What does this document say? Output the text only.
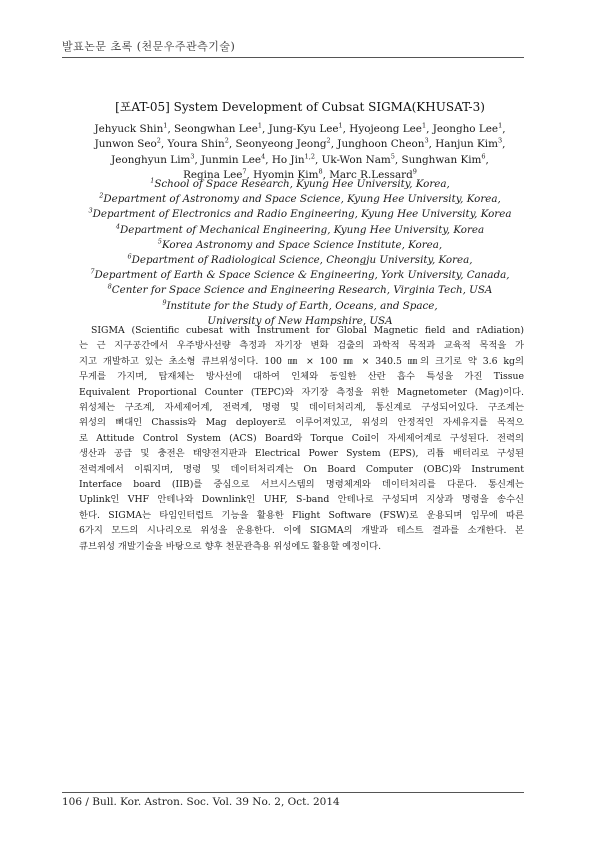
발표논문 초록 (천문우주관측기술)
[포AT-05] System Development of Cubsat SIGMA(KHUSAT-3)
Jehyuck Shin$^1$, Seongwhan Lee$^1$, Jung-Kyu Lee$^1$, Hyojeong Lee$^1$, Jeongho Lee$^1$,
Junwon Seo$^2$, Youra Shin$^2$, Seonyeong Jeong$^2$, Junghoon Cheon$^3$, Hanjun Kim$^3$,
Jeonghyun Lim$^3$, Junmin Lee$^4$, Ho Jin$^{1,2}$, Uk-Won Nam$^5$, Sunghwan Kim$^6$,
Regina Lee$^7$, Hyomin Kim$^8$, Marc R.Lessard$^9$
$^1$School of Space Research, Kyung Hee University, Korea,
$^2$Department of Astronomy and Space Science, Kyung Hee University, Korea,
$^3$Department of Electronics and Radio Engineering, Kyung Hee University, Korea
$^4$Department of Mechanical Engineering, Kyung Hee University, Korea
$^5$Korea Astronomy and Space Science Institute, Korea,
$^6$Department of Radiological Science, Cheongju University, Korea,
$^7$Department of Earth & Space Science & Engineering, York University, Canada,
$^8$Center for Space Science and Engineering Research, Virginia Tech, USA
$^9$Institute for the Study of Earth, Oceans, and Space,
University of New Hampshire, USA
SIGMA (Scientific cubesat with Instrument for Global Magnetic field and rAdiation)
는 근 지구공간에서 우주방사선량 측정과 자기장 변화 검출의 과학적 목적과 교육적 목적을 가
지고 개발하고 있는 초소형 큐브위성이다. 100 ㎜ × 100 ㎜ × 340.5 ㎜의 크기로 약 3.6 kg의
무게를 가지며, 탑재체는 방사선에 대하여 인체와 동일한 산란 흡수 특성을 가진 Tissue
Equivalent Proportional Counter (TEPC)와 자기장 측정을 위한 Magnetometer (Mag)이다.
위성체는 구조계, 자세제어계, 전력계, 명령 및 데이터처리계, 통신계로 구성되어있다. 구조계는
위성의 뼈대인 Chassis와 Mag deployer로 이루어져있고, 위성의 안정적인 자세유지를 목적으
로 Attitude Control System (ACS) Board와 Torque Coil이 자세제어계로 구성된다. 전력의
생산과 공급 및 충전은 태양전지판과 Electrical Power System (EPS), 리튬 배터리로 구성된
전력계에서 이뤄지며, 명령 및 데이터처리계는 On Board Computer (OBC)와 Instrument
Interface board (IIB)를 중심으로 서브시스템의 명령체계와 데이터처리를 다룬다. 통신계는
Uplink인 VHF 안테나와 Downlink인 UHF, S-band 안테나로 구성되며 지상과 명령을 송수신
한다. SIGMA는 타임인터럽트 기능을 활용한 Flight Software (FSW)로 운용되며 임무에 따른
6가지 모드의 시나리오로 위성을 운용한다. 이에 SIGMA의 개발과 테스트 결과를 소개한다. 본
큐브위성 개발기술을 바탕으로 향후 천문관측용 위성에도 활용할 예정이다.
106 / Bull. Kor. Astron. Soc. Vol. 39 No. 2, Oct. 2014
